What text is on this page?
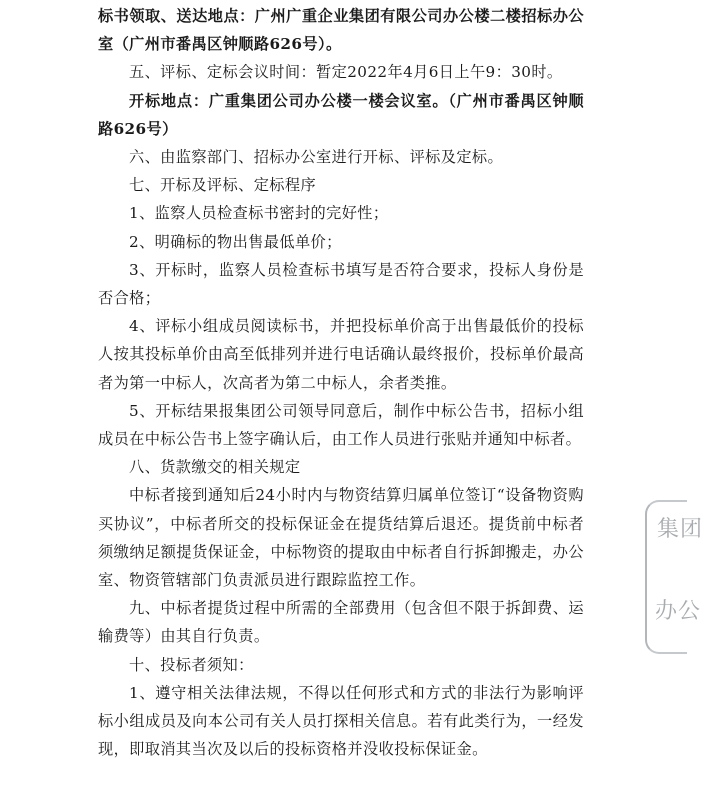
标书领取、送达地点：广州广重企业集团有限公司办公楼二楼招标办公室（广州市番禺区钟顺路626号）。

五、评标、定标会议时间：暂定2022年4月6日上午9：30时。

开标地点：广重集团公司办公楼一楼会议室。（广州市番禺区钟顺路626号）

六、由监察部门、招标办公室进行开标、评标及定标。

七、开标及评标、定标程序

1、监察人员检查标书密封的完好性；

2、明确标的物出售最低单价；

3、开标时，监察人员检查标书填写是否符合要求，投标人身份是否合格；

4、评标小组成员阅读标书，并把投标单价高于出售最低价的投标人按其投标单价由高至低排列并进行电话确认最终报价，投标单价最高者为第一中标人，次高者为第二中标人，余者类推。

5、开标结果报集团公司领导同意后，制作中标公告书，招标小组成员在中标公告书上签字确认后，由工作人员进行张贴并通知中标者。

八、货款缴交的相关规定

中标者接到通知后24小时内与物资结算归属单位签订“设备物资购买协议”，中标者所交的投标保证金在提货结算后退还。提货前中标者须缴纳足额提货保证金，中标物资的提取由中标者自行拆卸搬走，办公室、物资管辖部门负责派员进行跟踪监控工作。

九、中标者提货过程中所需的全部费用（包含但不限于拆卸费、运输费等）由其自行负责。

十、投标者须知：

1、遵守相关法律法规，不得以任何形式和方式的非法行为影响评标小组成员及向本公司有关人员打探相关信息。若有此类行为，一经发现，即取消其当次及以后的投标资格并没收投标保证金。

集团
办公
